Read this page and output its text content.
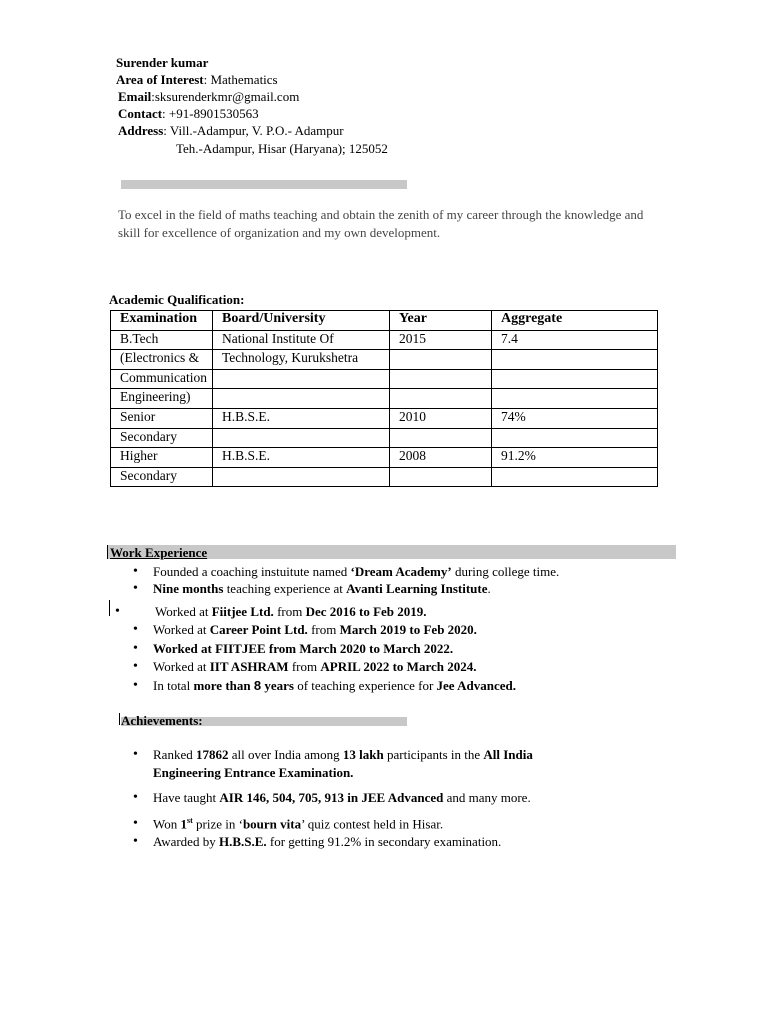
Surender kumar
Area of Interest: Mathematics
Email:sksurenderkmr@gmail.com
Contact: +91-8901530563
Address: Vill.-Adampur, V. P.O.- Adampur
Teh.-Adampur, Hisar (Haryana); 125052
To excel in the field of maths teaching and obtain the zenith of my career through the knowledge and skill for excellence of organization and my own development.
Academic Qualification:
Examination	Board/University	Year	Aggregate
B.Tech	National Institute Of	2015	7.4
(Electronics &	Technology, Kurukshetra		
Communication			
Engineering)			
Senior	H.B.S.E.	2010	74%
Secondary			
Higher	H.B.S.E.	2008	91.2%
Secondary			
Work Experience
• Founded a coaching instuitute named ‘Dream Academy’ during college time.
• Nine months teaching experience at Avanti Learning Institute.
•	Worked at Fiitjee Ltd. from Dec 2016 to Feb 2019.
• Worked at Career Point Ltd. from March 2019 to Feb 2020.
• Worked at FIITJEE from March 2020 to March 2022.
• Worked at IIT ASHRAM from APRIL 2022 to March 2024.
• In total more than 8 years of teaching experience for Jee Advanced.
Achievements:
• Ranked 17862 all over India among 13 lakh participants in the All India
Engineering Entrance Examination.
• Have taught AIR 146, 504, 705, 913 in JEE Advanced and many more.
• Won 1st prize in ‘bourn vita’ quiz contest held in Hisar.
• Awarded by H.B.S.E. for getting 91.2% in secondary examination.
